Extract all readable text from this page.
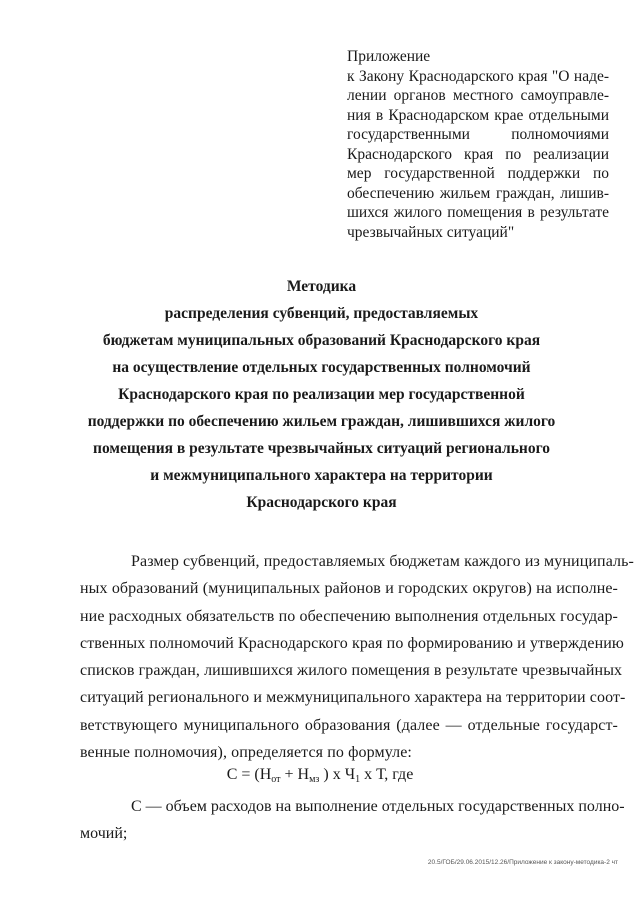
Приложение
к Закону Краснодарского края "О наде-
лении органов местного самоуправле-
ния в Краснодарском крае отдельными
государственными полномочиями
Краснодарского края по реализации
мер государственной поддержки по
обеспечению жильем граждан, лишив-
шихся жилого помещения в результате
чрезвычайных ситуаций"
Методика
распределения субвенций, предоставляемых
бюджетам муниципальных образований Краснодарского края
на осуществление отдельных государственных полномочий
Краснодарского края по реализации мер государственной
поддержки по обеспечению жильем граждан, лишившихся жилого
помещения в результате чрезвычайных ситуаций регионального
и межмуниципального характера на территории
Краснодарского края
Размер субвенций, предоставляемых бюджетам каждого из муниципаль-
ных образований (муниципальных районов и городских округов) на исполне-
ние расходных обязательств по обеспечению выполнения отдельных государ-
ственных полномочий Краснодарского края по формированию и утверждению
списков граждан, лишившихся жилого помещения в результате чрезвычайных
ситуаций регионального и межмуниципального характера на территории соот-
ветствующего муниципального образования (далее — отдельные государст-
венные полномочия), определяется по формуле:
$С = (Н_{от} + Н_{мз}$ ) х $Ч_1$ х Т, где
С — объем расходов на выполнение отдельных государственных полно-
мочий;
20.5/ГОБ/29.06.2015/12.26/Приложение к закону-методика-2 чт
